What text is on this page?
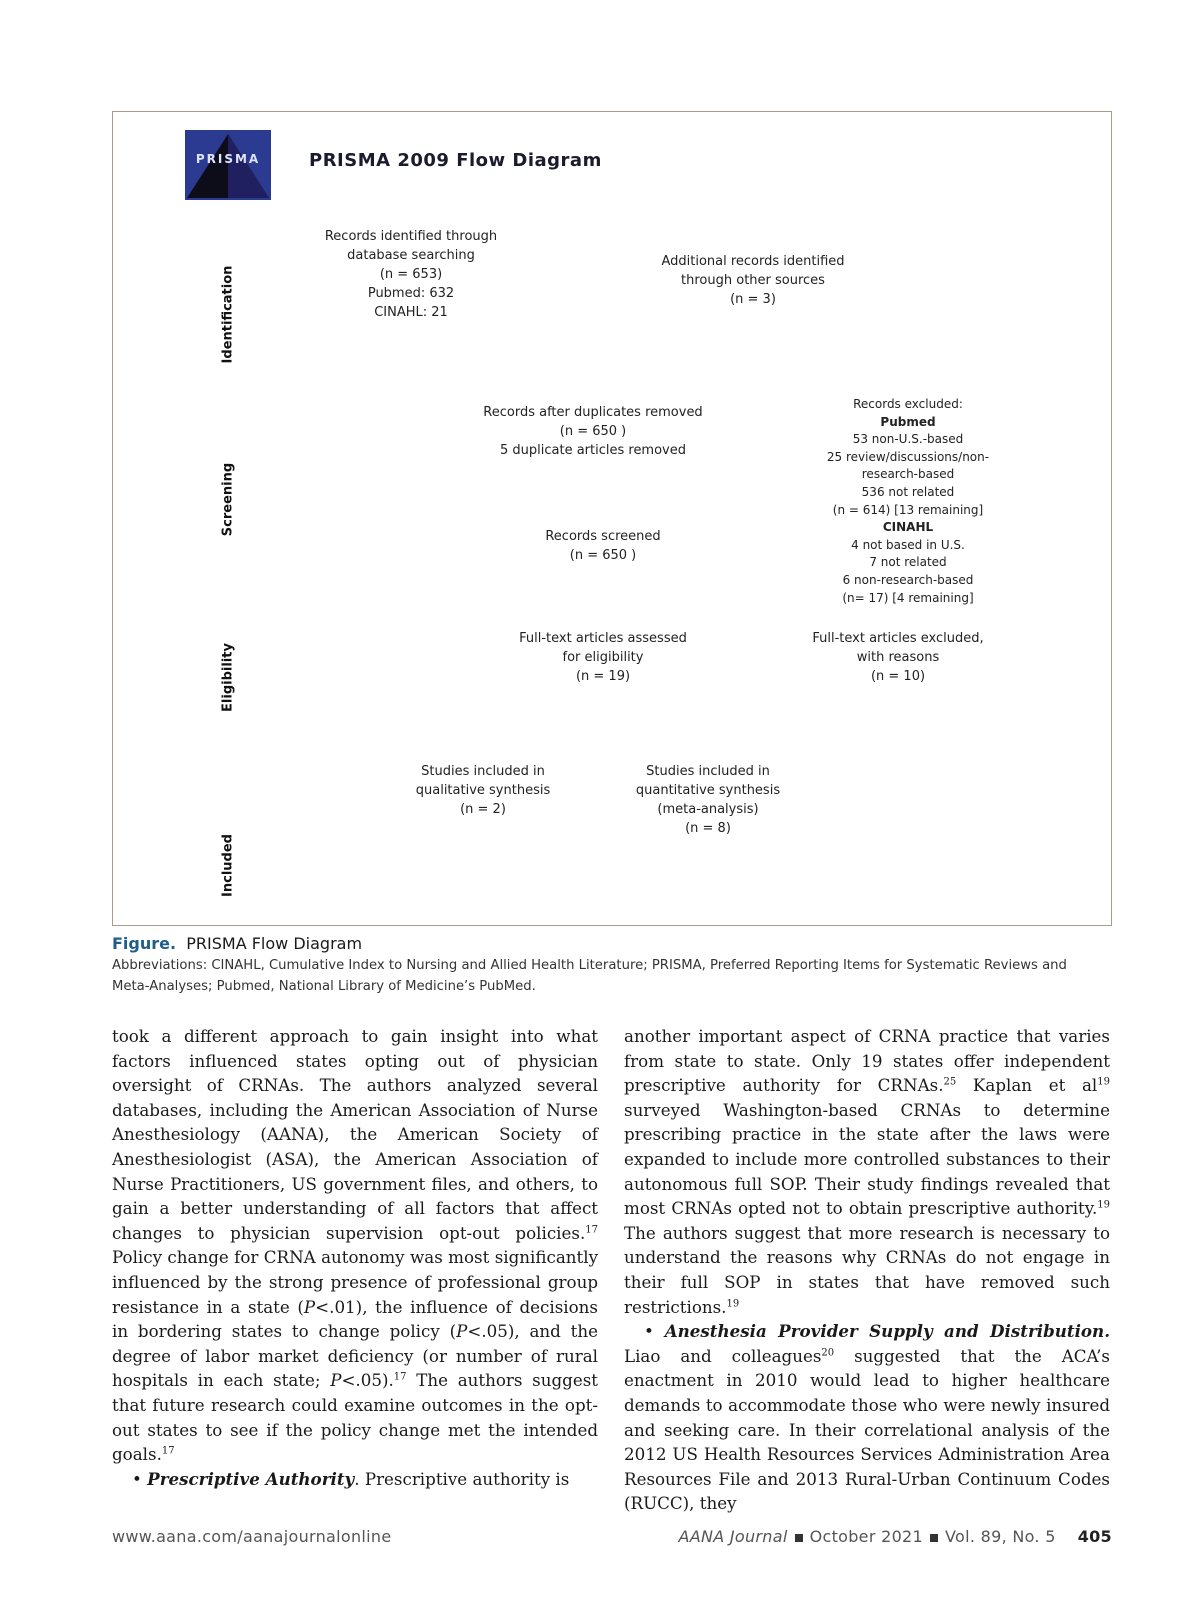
PRISMA	PRISMA 2009 Flow Diagram
Identification
Screening
Eligibility
Included
Records identified through
database searching
(n = 653)
Pubmed: 632
CINAHL: 21
Additional records identified
through other sources
(n = 3)
Records after duplicates removed
(n = 650 )
5 duplicate articles removed
Records excluded:
Pubmed
53 non-U.S.-based
25 review/discussions/non-
research-based
536 not related
(n = 614) [13 remaining]
CINAHL
4 not based in U.S.
7 not related
6 non-research-based
(n= 17) [4 remaining]
Records screened
(n = 650 )
Full-text articles assessed
for eligibility
(n = 19)
Full-text articles excluded,
with reasons
(n = 10)
Studies included in
qualitative synthesis
(n = 2)
Studies included in
quantitative synthesis
(meta-analysis)
(n = 8)
Figure. PRISMA Flow Diagram
Abbreviations: CINAHL, Cumulative Index to Nursing and Allied Health Literature; PRISMA, Preferred Reporting Items for Systematic Reviews and Meta-Analyses; Pubmed, National Library of Medicine’s PubMed.

took a different approach to gain insight into what factors influenced states opting out of physician oversight of CRNAs. The authors analyzed several databases, including the American Association of Nurse Anesthesiology (AANA), the American Society of Anesthesiologist (ASA), the American Association of Nurse Practitioners, US government files, and others, to gain a better understanding of all factors that affect changes to physician supervision opt-out policies.$^{17}$ Policy change for CRNA autonomy was most significantly influenced by the strong presence of professional group resistance in a state (P<.01), the influence of decisions in bordering states to change policy (P<.05), and the degree of labor market deficiency (or number of rural hospitals in each state; P<.05).$^{17}$ The authors suggest that future research could examine outcomes in the opt-out states to see if the policy change met the intended goals.$^{17}$

• Prescriptive Authority. Prescriptive authority is

another important aspect of CRNA practice that varies from state to state. Only 19 states offer independent prescriptive authority for CRNAs.$^{25}$ Kaplan et $al^{19}$ surveyed Washington-based CRNAs to determine prescribing practice in the state after the laws were expanded to include more controlled substances to their autonomous full SOP. Their study findings revealed that most CRNAs opted not to obtain prescriptive authority.$^{19}$ The authors suggest that more research is necessary to understand the reasons why CRNAs do not engage in their full SOP in states that have removed such restrictions.$^{19}$

• Anesthesia Provider Supply and Distribution. Liao and colleagues$^{20}$ suggested that the ACA’s enactment in 2010 would lead to higher healthcare demands to accommodate those who were newly insured and seeking care. In their correlational analysis of the 2012 US Health Resources Services Administration Area Resources File and 2013 Rural-Urban Continuum Codes (RUCC), they

www.aana.com/aanajournalonline	AANA Journal October 2021 Vol. 89, No. 5 405
